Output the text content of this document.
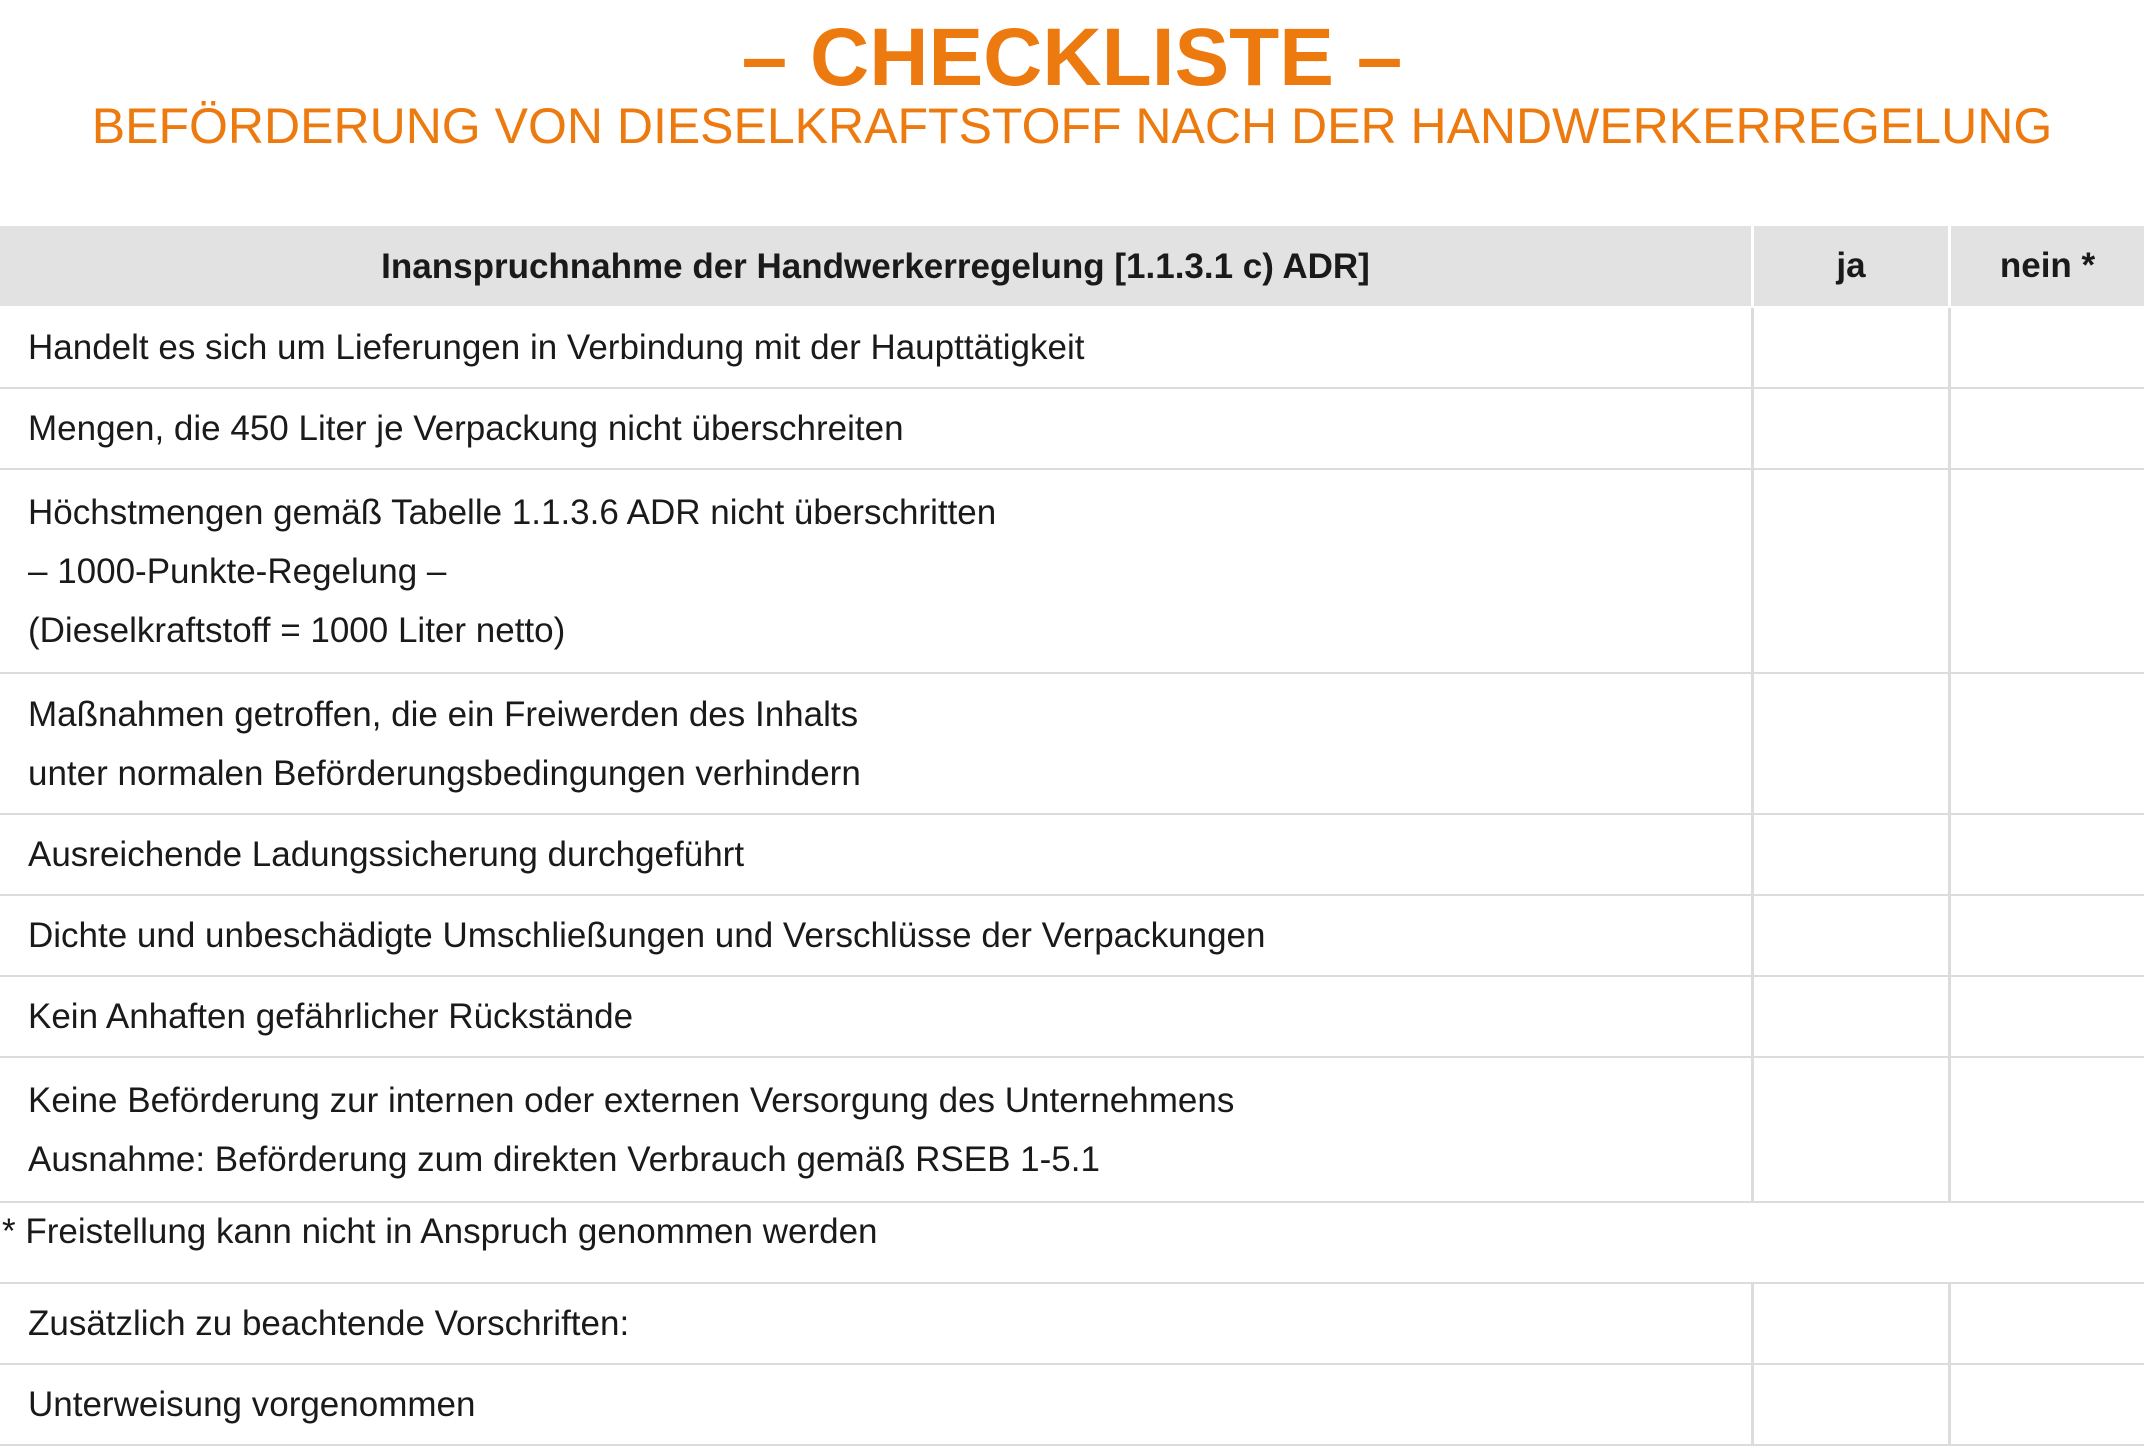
– CHECKLISTE –
BEFÖRDERUNG VON DIESELKRAFTSTOFF NACH DER HANDWERKERREGELUNG
Inanspruchnahme der Handwerkerregelung [1.1.3.1 c) ADR]	ja	nein *
Handelt es sich um Lieferungen in Verbindung mit der Haupttätigkeit
Mengen, die 450 Liter je Verpackung nicht überschreiten
Höchstmengen gemäß Tabelle 1.1.3.6 ADR nicht überschritten
– 1000-Punkte-Regelung –
(Dieselkraftstoff = 1000 Liter netto)
Maßnahmen getroffen, die ein Freiwerden des Inhalts
unter normalen Beförderungsbedingungen verhindern
Ausreichende Ladungssicherung durchgeführt
Dichte und unbeschädigte Umschließungen und Verschlüsse der Verpackungen
Kein Anhaften gefährlicher Rückstände
Keine Beförderung zur internen oder externen Versorgung des Unternehmens
Ausnahme: Beförderung zum direkten Verbrauch gemäß RSEB 1-5.1
* Freistellung kann nicht in Anspruch genommen werden
Zusätzlich zu beachtende Vorschriften:
Unterweisung vorgenommen
